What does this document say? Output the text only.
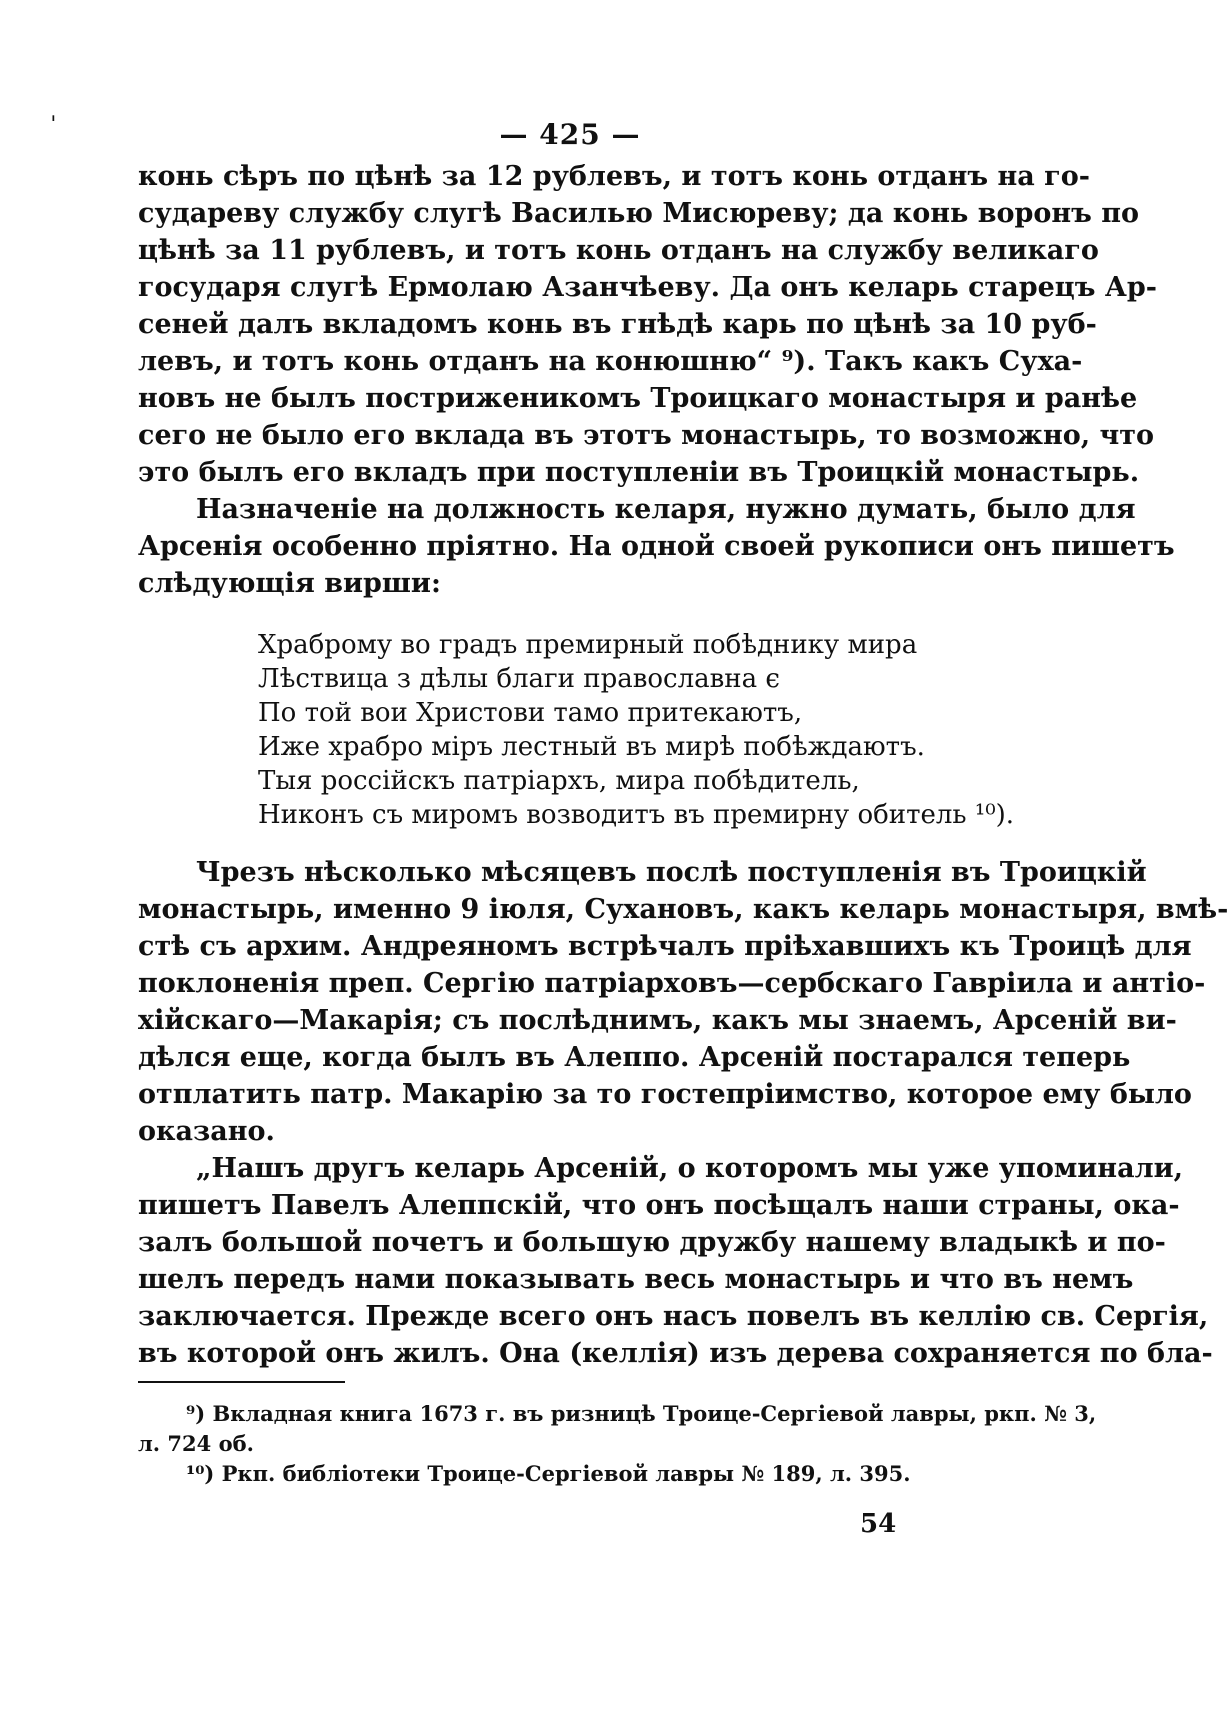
— 425 —
ˌ
конь сѣръ по цѣнѣ за 12 рублевъ, и тотъ конь отданъ на го-
судареву службу слугѣ Василью Мисюреву; да конь воронъ по
цѣнѣ за 11 рублевъ, и тотъ конь отданъ на службу великаго
государя слугѣ Ермолаю Азанчѣеву. Да онъ келарь старецъ Ар-
сеней далъ вкладомъ конь въ гнѣдѣ карь по цѣнѣ за 10 руб-
левъ, и тотъ конь отданъ на конюшню“ ⁹). Такъ какъ Суха-
новъ не былъ постриженикомъ Троицкаго монастыря и ранѣе
сего не было его вклада въ этотъ монастырь, то возможно, что
это былъ его вкладъ при поступленіи въ Троицкій монастырь.
Назначеніе на должность келаря, нужно думать, было для
Арсенія особенно пріятно. На одной своей рукописи онъ пишетъ
слѣдующія вирши:
Храброму во градъ премирный побѣднику мира
Лѣствица з дѣлы благи православна є
По той вои Христови тамо притекаютъ,
Иже храбро міръ лестный въ мирѣ побѣждаютъ.
Тыя россійскъ патріархъ, мира побѣдитель,
Никонъ съ миромъ возводитъ въ премирну обитель ¹⁰).
Чрезъ нѣсколько мѣсяцевъ послѣ поступленія въ Троицкій
монастырь, именно 9 іюля, Сухановъ, какъ келарь монастыря, вмѣ-
стѣ съ архим. Андреяномъ встрѣчалъ пріѣхавшихъ къ Троицѣ для
поклоненія преп. Сергію патріарховъ—сербскаго Гавріила и антіо-
хійскаго—Макарія; съ послѣднимъ, какъ мы знаемъ, Арсеній ви-
дѣлся еще, когда былъ въ Алеппо. Арсеній постарался теперь
отплатить патр. Макарію за то гостепріимство, которое ему было
оказано.
„Нашъ другъ келарь Арсеній, о которомъ мы уже упоминали,
пишетъ Павелъ Алеппскій, что онъ посѣщалъ наши страны, ока-
залъ большой почетъ и большую дружбу нашему владыкѣ и по-
шелъ передъ нами показывать весь монастырь и что въ немъ
заключается. Прежде всего онъ насъ повелъ въ келлію св. Сергія,
въ которой онъ жилъ. Она (келлія) изъ дерева сохраняется по бла-
⁹) Вкладная книга 1673 г. въ ризницѣ Троице-Сергіевой лавры, ркп. № 3,
л. 724 об.
¹⁰) Ркп. библіотеки Троице-Сергіевой лавры № 189, л. 395.
54
